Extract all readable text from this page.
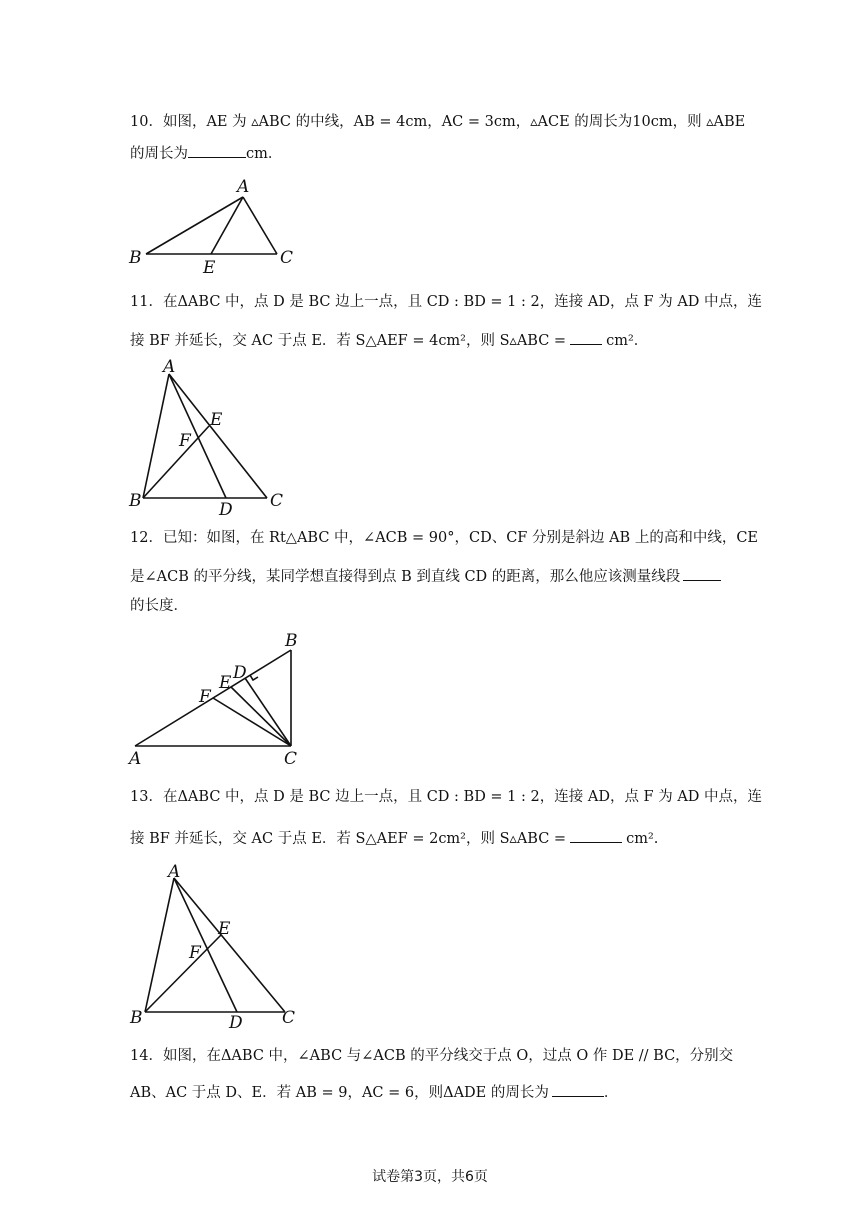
10．如图，AE 为 ▵ABC 的中线，AB = 4cm，AC = 3cm，▵ACE 的周长为10cm，则 ▵ABE
的周长为	cm．
A
B	E	C
11．在ΔABC 中，点 D 是 BC 边上一点，且 CD : BD = 1 : 2，连接 AD，点 F 为 AD 中点，连
接 BF 并延长，交 AC 于点 E．若 S△AEF = 4cm²，则 S▵ABC =	cm²．
A
E
F
B	D C
12．已知：如图，在 Rt△ABC 中，∠ACB = 90°，CD、CF 分别是斜边 AB 上的高和中线，CE
是∠ACB 的平分线，某同学想直接得到点 B 到直线 CD 的距离，那么他应该测量线段
的长度．
B
D
E
F
A	C
13．在ΔABC 中，点 D 是 BC 边上一点，且 CD : BD = 1 : 2，连接 AD，点 F 为 AD 中点，连
接 BF 并延长，交 AC 于点 E．若 S△AEF = 2cm²，则 S▵ABC =	cm².
A
E
F
B	D C
14．如图，在ΔABC 中，∠ABC 与∠ACB 的平分线交于点 O，过点 O 作 DE // BC，分别交
AB、AC 于点 D、E．若 AB = 9，AC = 6，则ΔADE 的周长为	．
试卷第3页，共6页
